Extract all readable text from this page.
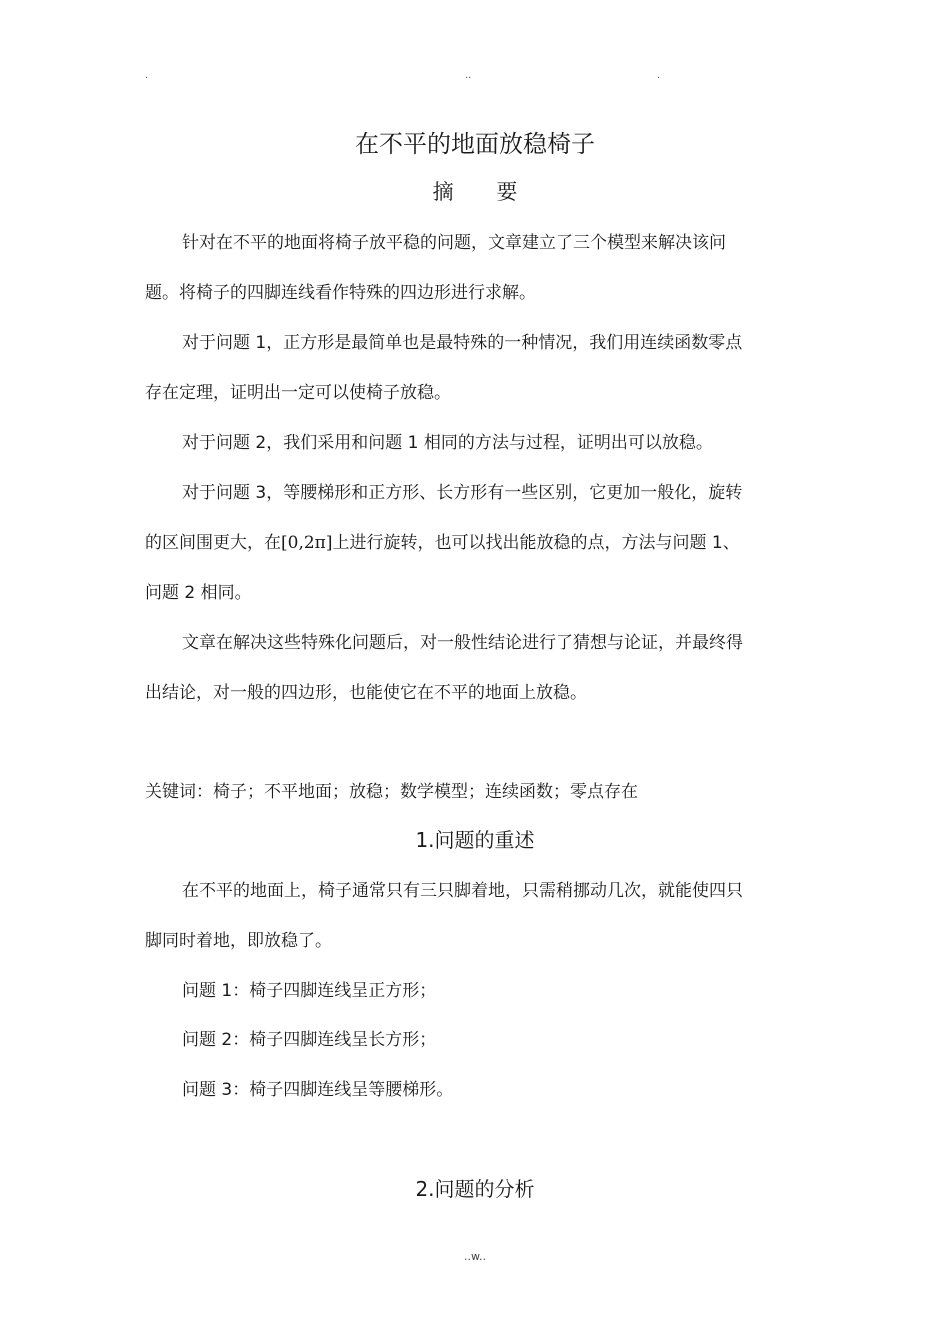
.	..	.
在不平的地面放稳椅子
摘 要
针对在不平的地面将椅子放平稳的问题，文章建立了三个模型来解决该问
题。将椅子的四脚连线看作特殊的四边形进行求解。
对于问题 1，正方形是最简单也是最特殊的一种情况，我们用连续函数零点
存在定理，证明出一定可以使椅子放稳。
对于问题 2，我们采用和问题 1 相同的方法与过程，证明出可以放稳。
对于问题 3，等腰梯形和正方形、长方形有一些区别，它更加一般化，旋转
的区间围更大，在[0,2π]上进行旋转，也可以找出能放稳的点，方法与问题 1、
问题 2 相同。
文章在解决这些特殊化问题后，对一般性结论进行了猜想与论证，并最终得
出结论，对一般的四边形，也能使它在不平的地面上放稳。
关键词：椅子；不平地面；放稳；数学模型；连续函数；零点存在
1.问题的重述
在不平的地面上，椅子通常只有三只脚着地，只需稍挪动几次，就能使四只
脚同时着地，即放稳了。
问题 1：椅子四脚连线呈正方形；
问题 2：椅子四脚连线呈长方形；
问题 3：椅子四脚连线呈等腰梯形。
2.问题的分析
..w..
